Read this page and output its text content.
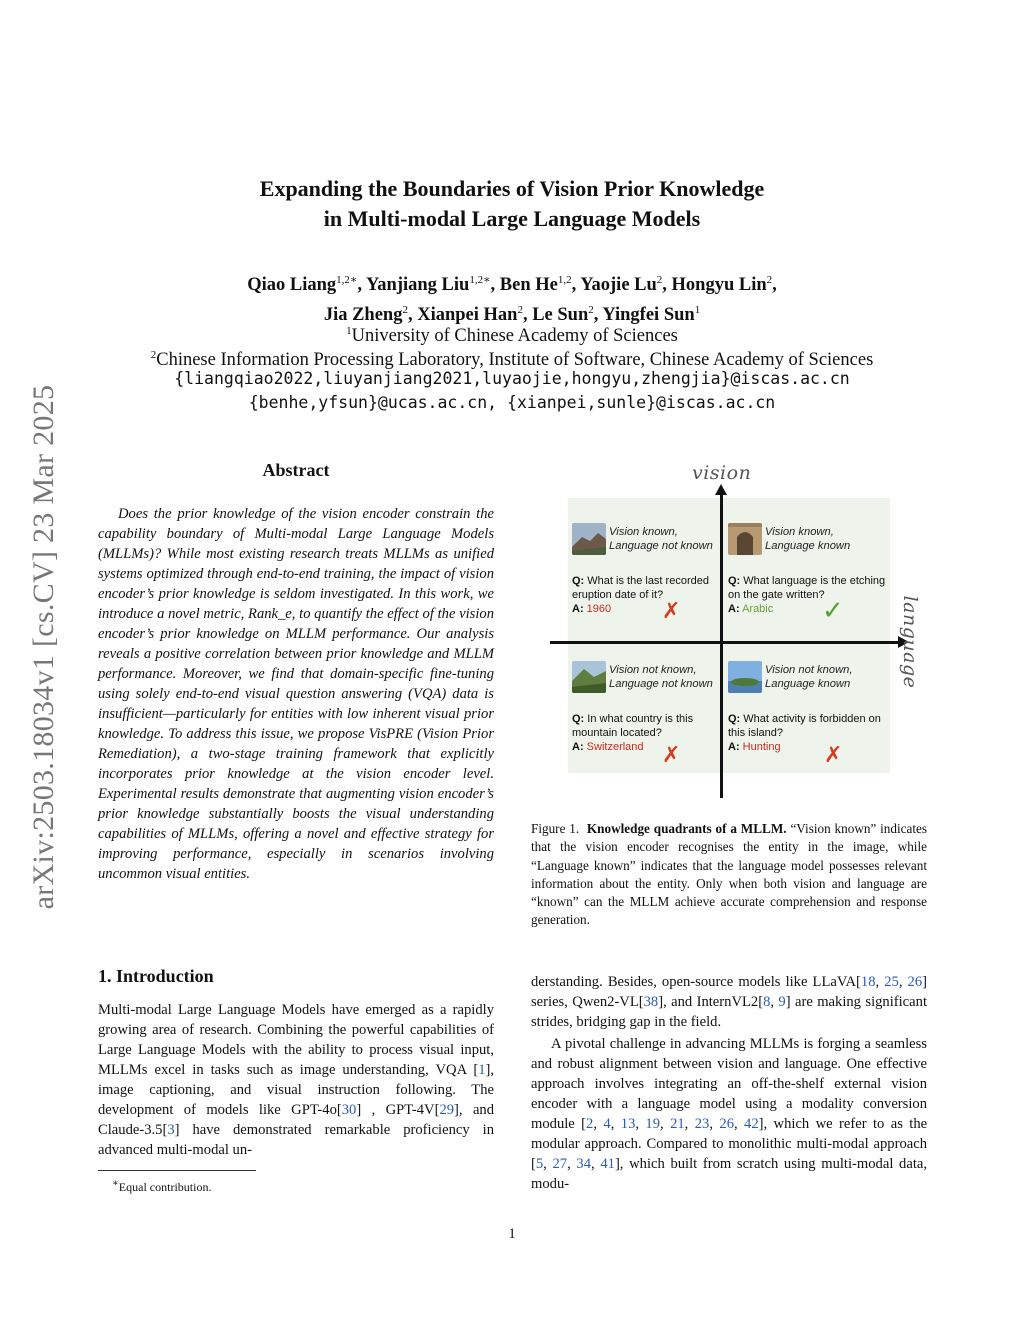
arXiv:2503.18034v1 [cs.CV] 23 Mar 2025
Expanding the Boundaries of Vision Prior Knowledge
in Multi-modal Large Language Models
Qiao Liang$^{1,2∗}$, Yanjiang Liu$^{1,2∗}$, Ben He$^{1,2}$, Yaojie Lu$^2$, Hongyu Lin$^2$,
Jia Zheng$^2$, Xianpei Han$^2$, Le Sun$^2$, Yingfei Sun$^1$
$^1$University of Chinese Academy of Sciences
$^2$Chinese Information Processing Laboratory, Institute of Software, Chinese Academy of Sciences
{liangqiao2022,liuyanjiang2021,luyaojie,hongyu,zhengjia}@iscas.ac.cn
{benhe,yfsun}@ucas.ac.cn, {xianpei,sunle}@iscas.ac.cn
Abstract

Does the prior knowledge of the vision encoder constrain the capability boundary of Multi-modal Large Language Models (MLLMs)? While most existing research treats MLLMs as unified systems optimized through end-to-end training, the impact of vision encoder’s prior knowledge is seldom investigated. In this work, we introduce a novel metric, Rank_e, to quantify the effect of the vision encoder’s prior knowledge on MLLM performance. Our analysis reveals a positive correlation between prior knowledge and MLLM performance. Moreover, we find that domain-specific fine-tuning using solely end-to-end visual question answering (VQA) data is insufficient—particularly for entities with low inherent visual prior knowledge. To address this issue, we propose VisPRE (Vision Prior Remediation), a two-stage training framework that explicitly incorporates prior knowledge at the vision encoder level. Experimental results demonstrate that augmenting vision encoder’s prior knowledge substantially boosts the visual understanding capabilities of MLLMs, offering a novel and effective strategy for improving performance, especially in scenarios involving uncommon visual entities.

vision
language
Vision known,
Language not known
Q: What is the last recorded eruption date of it?
A: 1960	✗
Vision known,
Language known
Q: What language is the etching on the gate written?
A: Arabic	✓
Vision not known,
Language not known
Q: In what country is this mountain located?
A: Switzerland ✗
Vision not known,
Language known
Q: What activity is forbidden on this island?
A: Hunting	✗
Figure 1. Knowledge quadrants of a MLLM. “Vision known” indicates that the vision encoder recognises the entity in the image, while “Language known” indicates that the language model possesses relevant information about the entity. Only when both vision and language are “known” can the MLLM achieve accurate comprehension and response generation.
1. Introduction

Multi-modal Large Language Models have emerged as a rapidly growing area of research. Combining the powerful capabilities of Large Language Models with the ability to process visual input, MLLMs excel in tasks such as image understanding, VQA [1], image captioning, and visual instruction following. The development of models like GPT-4o[30] , GPT-4V[29], and Claude-3.5[3] have demonstrated remarkable proficiency in advanced multi-modal un-

∗Equal contribution.

derstanding. Besides, open-source models like LLaVA[18, 25, 26] series, Qwen2-VL[38], and InternVL2[8, 9] are making significant strides, bridging gap in the field.

A pivotal challenge in advancing MLLMs is forging a seamless and robust alignment between vision and language. One effective approach involves integrating an off-the-shelf external vision encoder with a language model using a modality conversion module [2, 4, 13, 19, 21, 23, 26, 42], which we refer to as the modular approach. Compared to monolithic multi-modal approach [5, 27, 34, 41], which built from scratch using multi-modal data, modu-

1
